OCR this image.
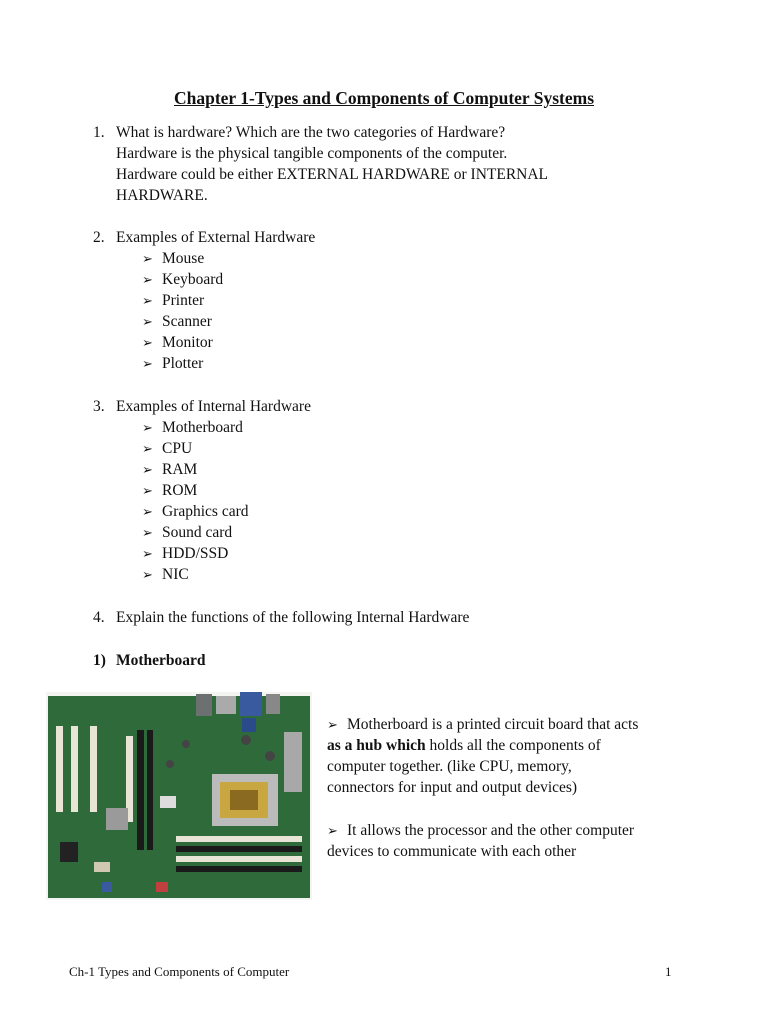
Chapter 1-Types and Components of Computer Systems
1. What is hardware? Which are the two categories of Hardware?
Hardware is the physical tangible components of the computer.
Hardware could be either EXTERNAL HARDWARE or INTERNAL
HARDWARE.
2. Examples of External Hardware
➢ Mouse
➢ Keyboard
➢ Printer
➢ Scanner
➢ Monitor
➢ Plotter
3. Examples of Internal Hardware
➢ Motherboard
➢ CPU
➢ RAM
➢ ROM
➢ Graphics card
➢ Sound card
➢ HDD/SSD
➢ NIC
4. Explain the functions of the following Internal Hardware
1) Motherboard
➢ Motherboard is a printed circuit board that acts
as a hub which holds all the components of
computer together. (like CPU, memory,
connectors for input and output devices)
➢ It allows the processor and the other computer
devices to communicate with each other
Ch-1 Types and Components of Computer	1
